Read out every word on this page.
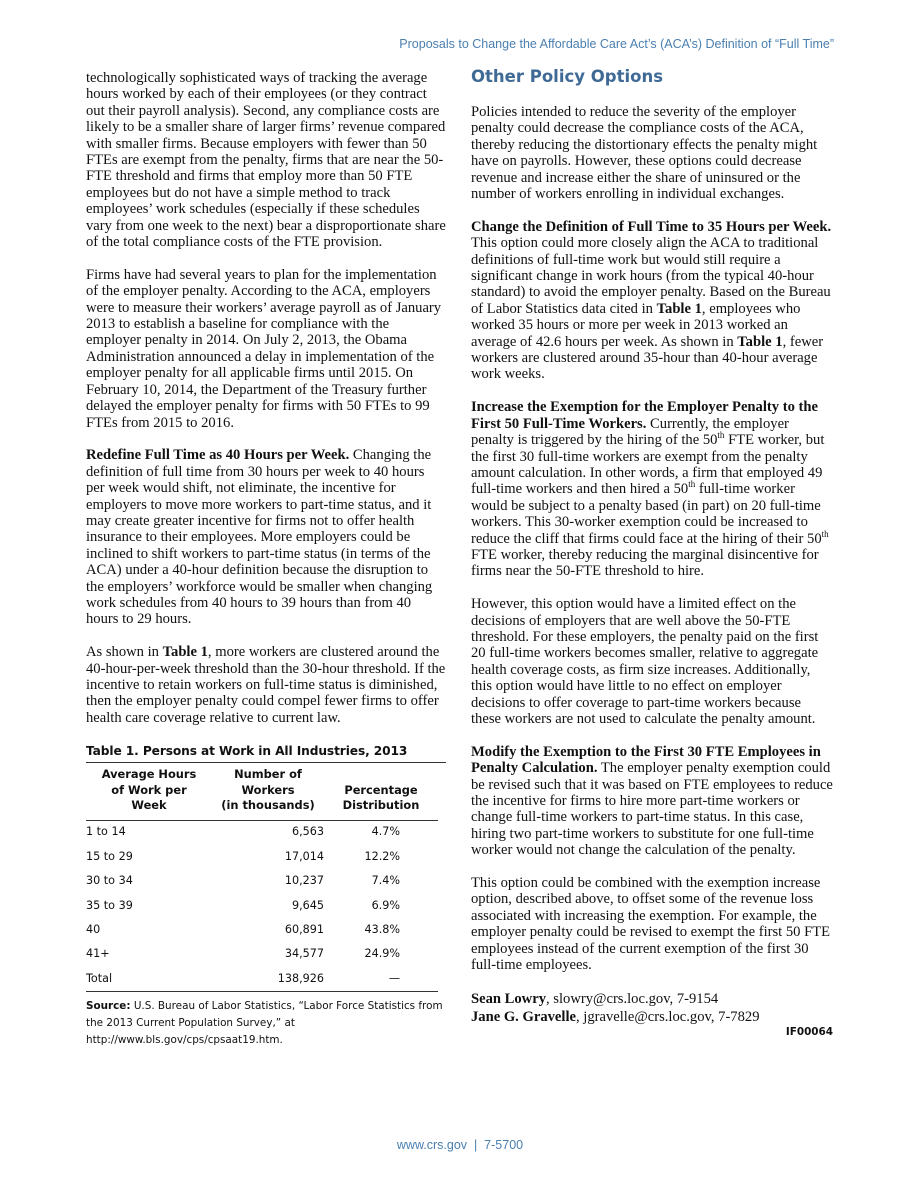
Proposals to Change the Affordable Care Act’s (ACA’s) Definition of “Full Time”

technologically sophisticated ways of tracking the average hours worked by each of their employees (or they contract out their payroll analysis). Second, any compliance costs are likely to be a smaller share of larger firms’ revenue compared with smaller firms. Because employers with fewer than 50 FTEs are exempt from the penalty, firms that are near the 50-FTE threshold and firms that employ more than 50 FTE employees but do not have a simple method to track employees’ work schedules (especially if these schedules vary from one week to the next) bear a disproportionate share of the total compliance costs of the FTE provision.

Firms have had several years to plan for the implementation of the employer penalty. According to the ACA, employers were to measure their workers’ average payroll as of January 2013 to establish a baseline for compliance with the employer penalty in 2014. On July 2, 2013, the Obama Administration announced a delay in implementation of the employer penalty for all applicable firms until 2015. On February 10, 2014, the Department of the Treasury further delayed the employer penalty for firms with 50 FTEs to 99 FTEs from 2015 to 2016.

Redefine Full Time as 40 Hours per Week. Changing the definition of full time from 30 hours per week to 40 hours per week would shift, not eliminate, the incentive for employers to move more workers to part-time status, and it may create greater incentive for firms not to offer health insurance to their employees. More employers could be inclined to shift workers to part-time status (in terms of the ACA) under a 40-hour definition because the disruption to the employers’ workforce would be smaller when changing work schedules from 40 hours to 39 hours than from 40 hours to 29 hours.

As shown in Table 1, more workers are clustered around the 40-hour-per-week threshold than the 30-hour threshold. If the incentive to retain workers on full-time status is diminished, then the employer penalty could compel fewer firms to offer health care coverage relative to current law.

Table 1. Persons at Work in All Industries, 2013
Average Hours
of Work per
Week	Number of
Workers
(in thousands)	Percentage
Distribution
1 to 14	6,563	4.7%
15 to 29	17,014	12.2%
30 to 34	10,237	7.4%
35 to 39	9,645	6.9%
40	60,891	43.8%
41+	34,577	24.9%
Total	138,926	—
Source: U.S. Bureau of Labor Statistics, “Labor Force Statistics from the 2013 Current Population Survey,” at http://www.bls.gov/cps/cpsaat19.htm.
Other Policy Options

Policies intended to reduce the severity of the employer penalty could decrease the compliance costs of the ACA, thereby reducing the distortionary effects the penalty might have on payrolls. However, these options could decrease revenue and increase either the share of uninsured or the number of workers enrolling in individual exchanges.

Change the Definition of Full Time to 35 Hours per Week. This option could more closely align the ACA to traditional definitions of full-time work but would still require a significant change in work hours (from the typical 40-hour standard) to avoid the employer penalty. Based on the Bureau of Labor Statistics data cited in Table 1, employees who worked 35 hours or more per week in 2013 worked an average of 42.6 hours per week. As shown in Table 1, fewer workers are clustered around 35-hour than 40-hour average work weeks.

Increase the Exemption for the Employer Penalty to the First 50 Full-Time Workers. Currently, the employer penalty is triggered by the hiring of the 50th FTE worker, but the first 30 full-time workers are exempt from the penalty amount calculation. In other words, a firm that employed 49 full-time workers and then hired a 50th full-time worker would be subject to a penalty based (in part) on 20 full-time workers. This 30-worker exemption could be increased to reduce the cliff that firms could face at the hiring of their 50th FTE worker, thereby reducing the marginal disincentive for firms near the 50-FTE threshold to hire.

However, this option would have a limited effect on the decisions of employers that are well above the 50-FTE threshold. For these employers, the penalty paid on the first 20 full-time workers becomes smaller, relative to aggregate health coverage costs, as firm size increases. Additionally, this option would have little to no effect on employer decisions to offer coverage to part-time workers because these workers are not used to calculate the penalty amount.

Modify the Exemption to the First 30 FTE Employees in Penalty Calculation. The employer penalty exemption could be revised such that it was based on FTE employees to reduce the incentive for firms to hire more part-time workers or change full-time workers to part-time status. In this case, hiring two part-time workers to substitute for one full-time worker would not change the calculation of the penalty.

This option could be combined with the exemption increase option, described above, to offset some of the revenue loss associated with increasing the exemption. For example, the employer penalty could be revised to exempt the first 50 FTE employees instead of the current exemption of the first 30 full-time employees.

Sean Lowry, slowry@crs.loc.gov, 7-9154
Jane G. Gravelle, jgravelle@crs.loc.gov, 7-7829
IF00064
www.crs.gov  |  7-5700
